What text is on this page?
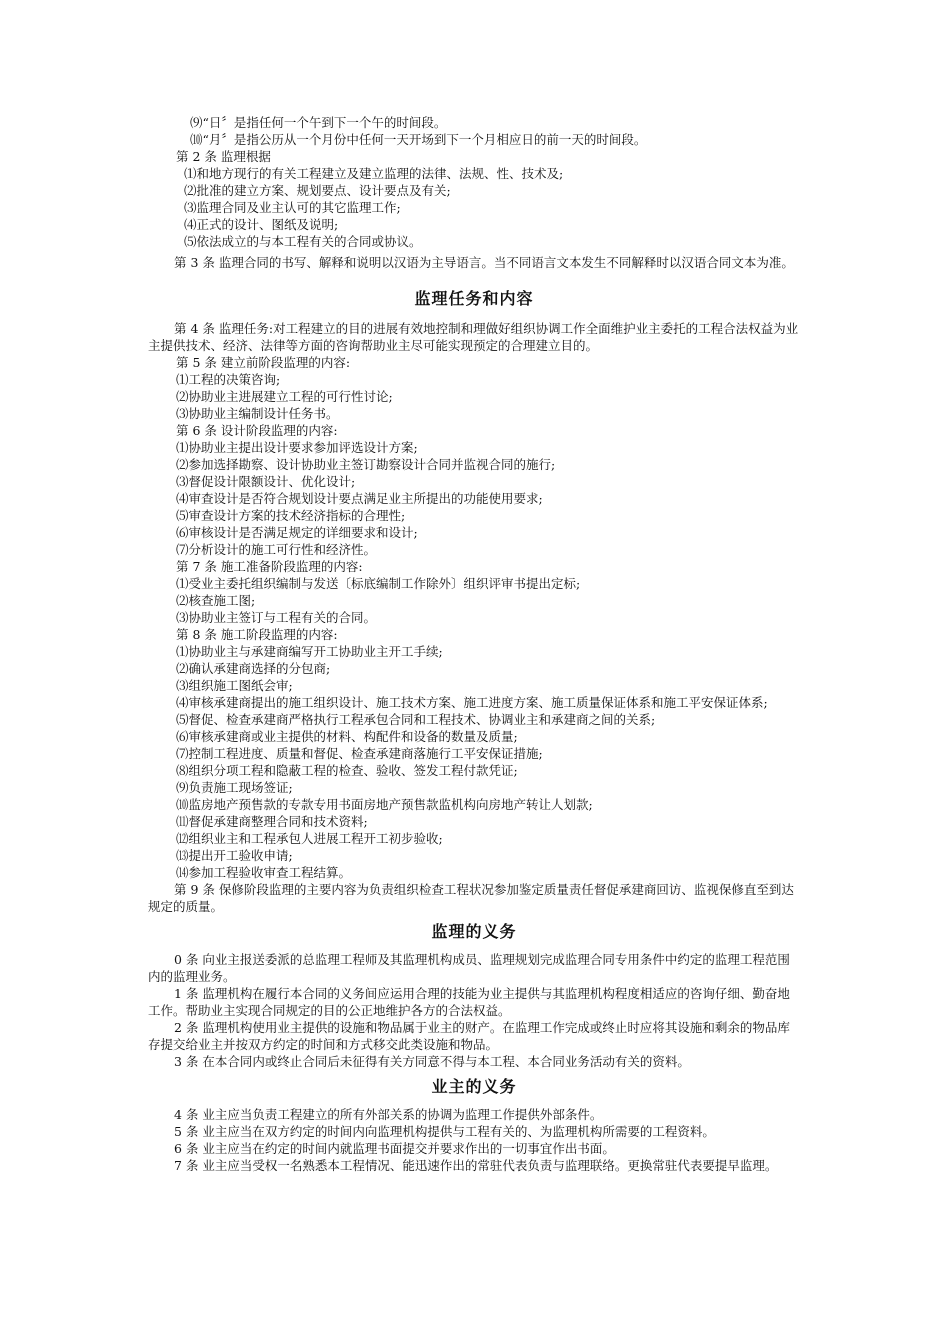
⑼“日〞是指任何一个午到下一个午的时间段。

⑽“月〞是指公历从一个月份中任何一天开场到下一个月相应日的前一天的时间段。

第 2 条 监理根据

⑴和地方现行的有关工程建立及建立监理的法律、法规、性、技术及;

⑵批准的建立方案、规划要点、设计要点及有关;

⑶监理合同及业主认可的其它监理工作;

⑷正式的设计、图纸及说明;

⑸依法成立的与本工程有关的合同或协议。

第 3 条 监理合同的书写、解释和说明以汉语为主导语言。当不同语言文本发生不同解释时以汉语合同文本为准。

监理任务和内容

第 4 条 监理任务:对工程建立的目的进展有效地控制和理做好组织协调工作全面维护业主委托的工程合法权益为业主提供技术、经济、法律等方面的咨询帮助业主尽可能实现预定的合理建立目的。

第 5 条 建立前阶段监理的内容:

⑴工程的决策咨询;

⑵协助业主进展建立工程的可行性讨论;

⑶协助业主编制设计任务书。

第 6 条 设计阶段监理的内容:

⑴协助业主提出设计要求参加评选设计方案;

⑵参加选择勘察、设计协助业主签订勘察设计合同并监视合同的施行;

⑶督促设计限额设计、优化设计;

⑷审查设计是否符合规划设计要点满足业主所提出的功能使用要求;

⑸审查设计方案的技术经济指标的合理性;

⑹审核设计是否满足规定的详细要求和设计;

⑺分析设计的施工可行性和经济性。

第 7 条 施工准备阶段监理的内容:

⑴受业主委托组织编制与发送〔标底编制工作除外〕组织评审书提出定标;

⑵核查施工图;

⑶协助业主签订与工程有关的合同。

第 8 条 施工阶段监理的内容:

⑴协助业主与承建商编写开工协助业主开工手续;

⑵确认承建商选择的分包商;

⑶组织施工图纸会审;

⑷审核承建商提出的施工组织设计、施工技术方案、施工进度方案、施工质量保证体系和施工平安保证体系;

⑸督促、检查承建商严格执行工程承包合同和工程技术、协调业主和承建商之间的关系;

⑹审核承建商或业主提供的材料、构配件和设备的数量及质量;

⑺控制工程进度、质量和督促、检查承建商落施行工平安保证措施;

⑻组织分项工程和隐蔽工程的检查、验收、签发工程付款凭证;

⑼负责施工现场签证;

⑽监房地产预售款的专款专用书面房地产预售款监机构向房地产转让人划款;

⑾督促承建商整理合同和技术资料;

⑿组织业主和工程承包人进展工程开工初步验收;

⒀提出开工验收申请;

⒁参加工程验收审查工程结算。

第 9 条 保修阶段监理的主要内容为负责组织检查工程状况参加鉴定质量责任督促承建商回访、监视保修直至到达规定的质量。

监理的义务

0 条 向业主报送委派的总监理工程师及其监理机构成员、监理规划完成监理合同专用条件中约定的监理工程范围内的监理业务。

1 条 监理机构在履行本合同的义务间应运用合理的技能为业主提供与其监理机构程度相适应的咨询仔细、勤奋地工作。帮助业主实现合同规定的目的公正地维护各方的合法权益。

2 条 监理机构使用业主提供的设施和物品属于业主的财产。在监理工作完成或终止时应将其设施和剩余的物品库存提交给业主并按双方约定的时间和方式移交此类设施和物品。

3 条 在本合同内或终止合同后未征得有关方同意不得与本工程、本合同业务活动有关的资料。

业主的义务

4 条 业主应当负责工程建立的所有外部关系的协调为监理工作提供外部条件。

5 条 业主应当在双方约定的时间内向监理机构提供与工程有关的、为监理机构所需要的工程资料。

6 条 业主应当在约定的时间内就监理书面提交并要求作出的一切事宜作出书面。

7 条 业主应当受权一名熟悉本工程情况、能迅速作出的常驻代表负责与监理联络。更换常驻代表要提早监理。
